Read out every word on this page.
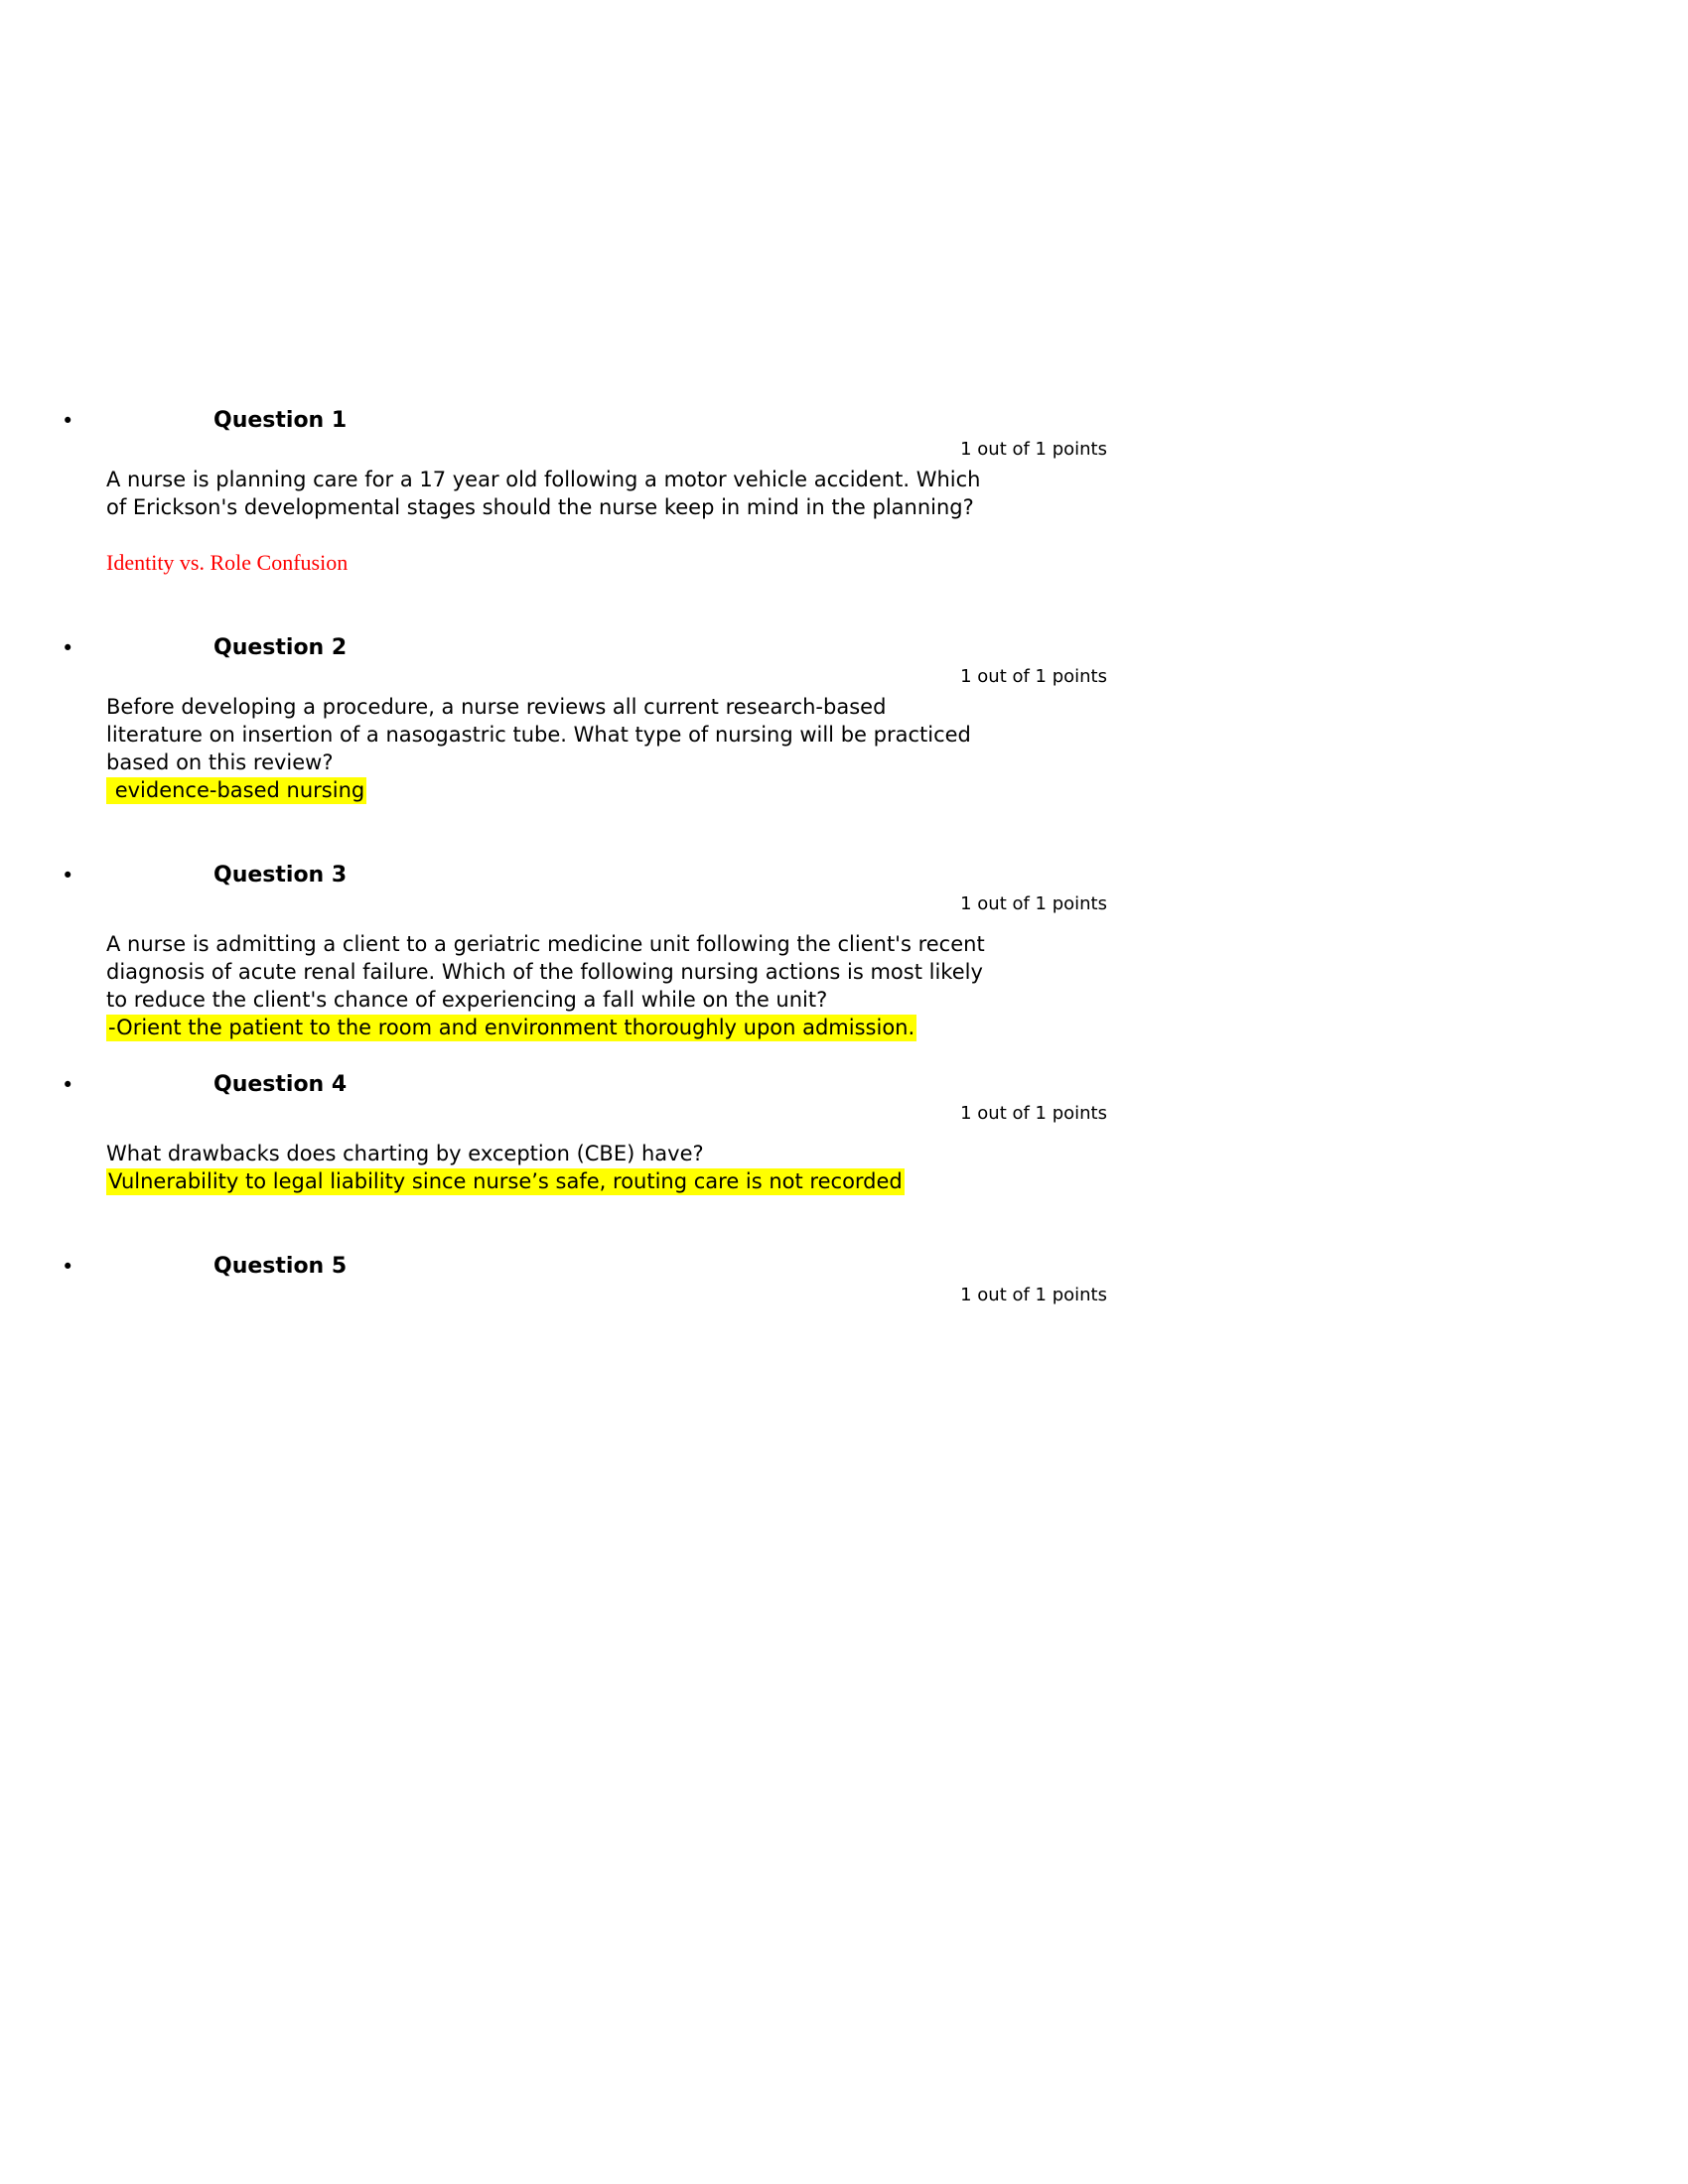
•	Question 1
1 out of 1 points

A nurse is planning care for a 17 year old following a motor vehicle accident. Which of Erickson's developmental stages should the nurse keep in mind in the planning?

Identity vs. Role Confusion

•	Question 2
1 out of 1 points

Before developing a procedure, a nurse reviews all current research-based literature on insertion of a nasogastric tube. What type of nursing will be practiced based on this review?

evidence-based nursing

•	Question 3
1 out of 1 points

A nurse is admitting a client to a geriatric medicine unit following the client's recent diagnosis of acute renal failure. Which of the following nursing actions is most likely to reduce the client's chance of experiencing a fall while on the unit?

-Orient the patient to the room and environment thoroughly upon admission.

•	Question 4
1 out of 1 points

What drawbacks does charting by exception (CBE) have?

Vulnerability to legal liability since nurse’s safe, routing care is not recorded

•	Question 5
1 out of 1 points
